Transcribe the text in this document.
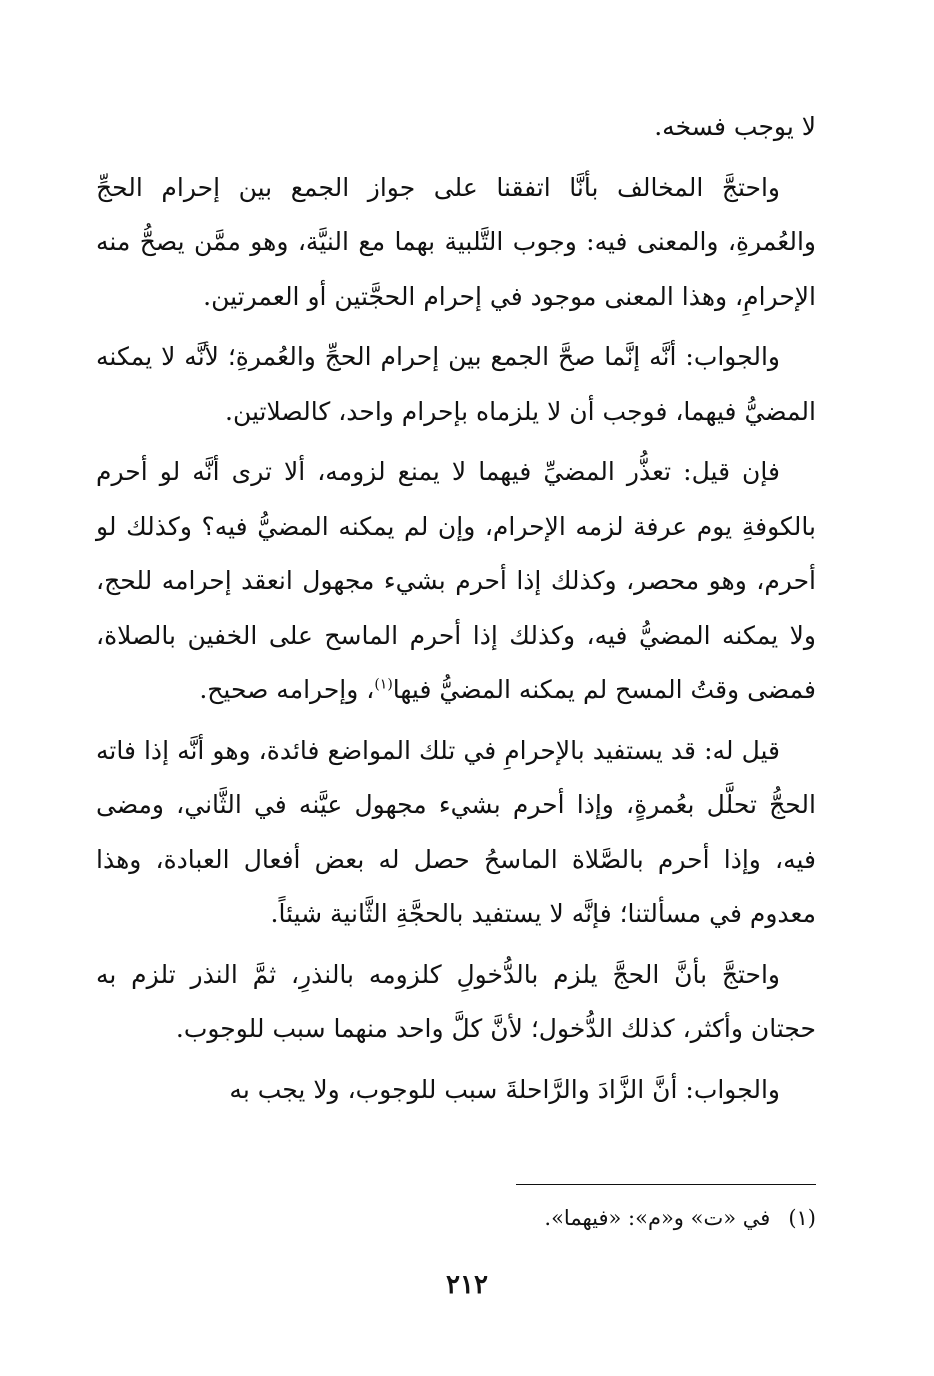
لا يوجب فسخه.

واحتجَّ المخالف بأنَّا اتفقنا على جواز الجمع بين إحرام الحجِّ والعُمرةِ، والمعنى فيه: وجوب التَّلبية بهما مع النيَّة، وهو ممَّن يصحُّ منه الإحرامِ، وهذا المعنى موجود في إحرام الحجَّتين أو العمرتين.

والجواب: أنَّه إنَّما صحَّ الجمع بين إحرام الحجِّ والعُمرةِ؛ لأنَّه لا يمكنه المضيُّ فيهما، فوجب أن لا يلزماه بإحرام واحد، كالصلاتين.

فإن قيل: تعذُّر المضيِّ فيهما لا يمنع لزومه، ألا ترى أنَّه لو أحرم بالكوفةِ يوم عرفة لزمه الإحرام، وإن لم يمكنه المضيُّ فيه؟ وكذلك لو أحرم، وهو محصر، وكذلك إذا أحرم بشيء مجهول انعقد إحرامه للحج، ولا يمكنه المضيُّ فيه، وكذلك إذا أحرم الماسح على الخفين بالصلاة، فمضى وقتُ المسح لم يمكنه المضيُّ فيها$^{(١)}$، وإحرامه صحيح.

قيل له: قد يستفيد بالإحرامِ في تلك المواضع فائدة، وهو أنَّه إذا فاته الحجُّ تحلَّل بعُمرةٍ، وإذا أحرم بشيء مجهول عيَّنه في الثَّاني، ومضى فيه، وإذا أحرم بالصَّلاة الماسحُ حصل له بعض أفعال العبادة، وهذا معدوم في مسألتنا؛ فإنَّه لا يستفيد بالحجَّةِ الثَّانية شيئاً.

واحتجَّ بأنَّ الحجَّ يلزم بالدُّخولِ كلزومه بالنذرِ، ثمَّ النذر تلزم به حجتان وأكثر، كذلك الدُّخول؛ لأنَّ كلَّ واحد منهما سبب للوجوب.

والجواب: أنَّ الزَّادَ والرَّاحلةَ سبب للوجوب، ولا يجب به

(١)في «ت» و«م»: «فيهما».
٢١٢
